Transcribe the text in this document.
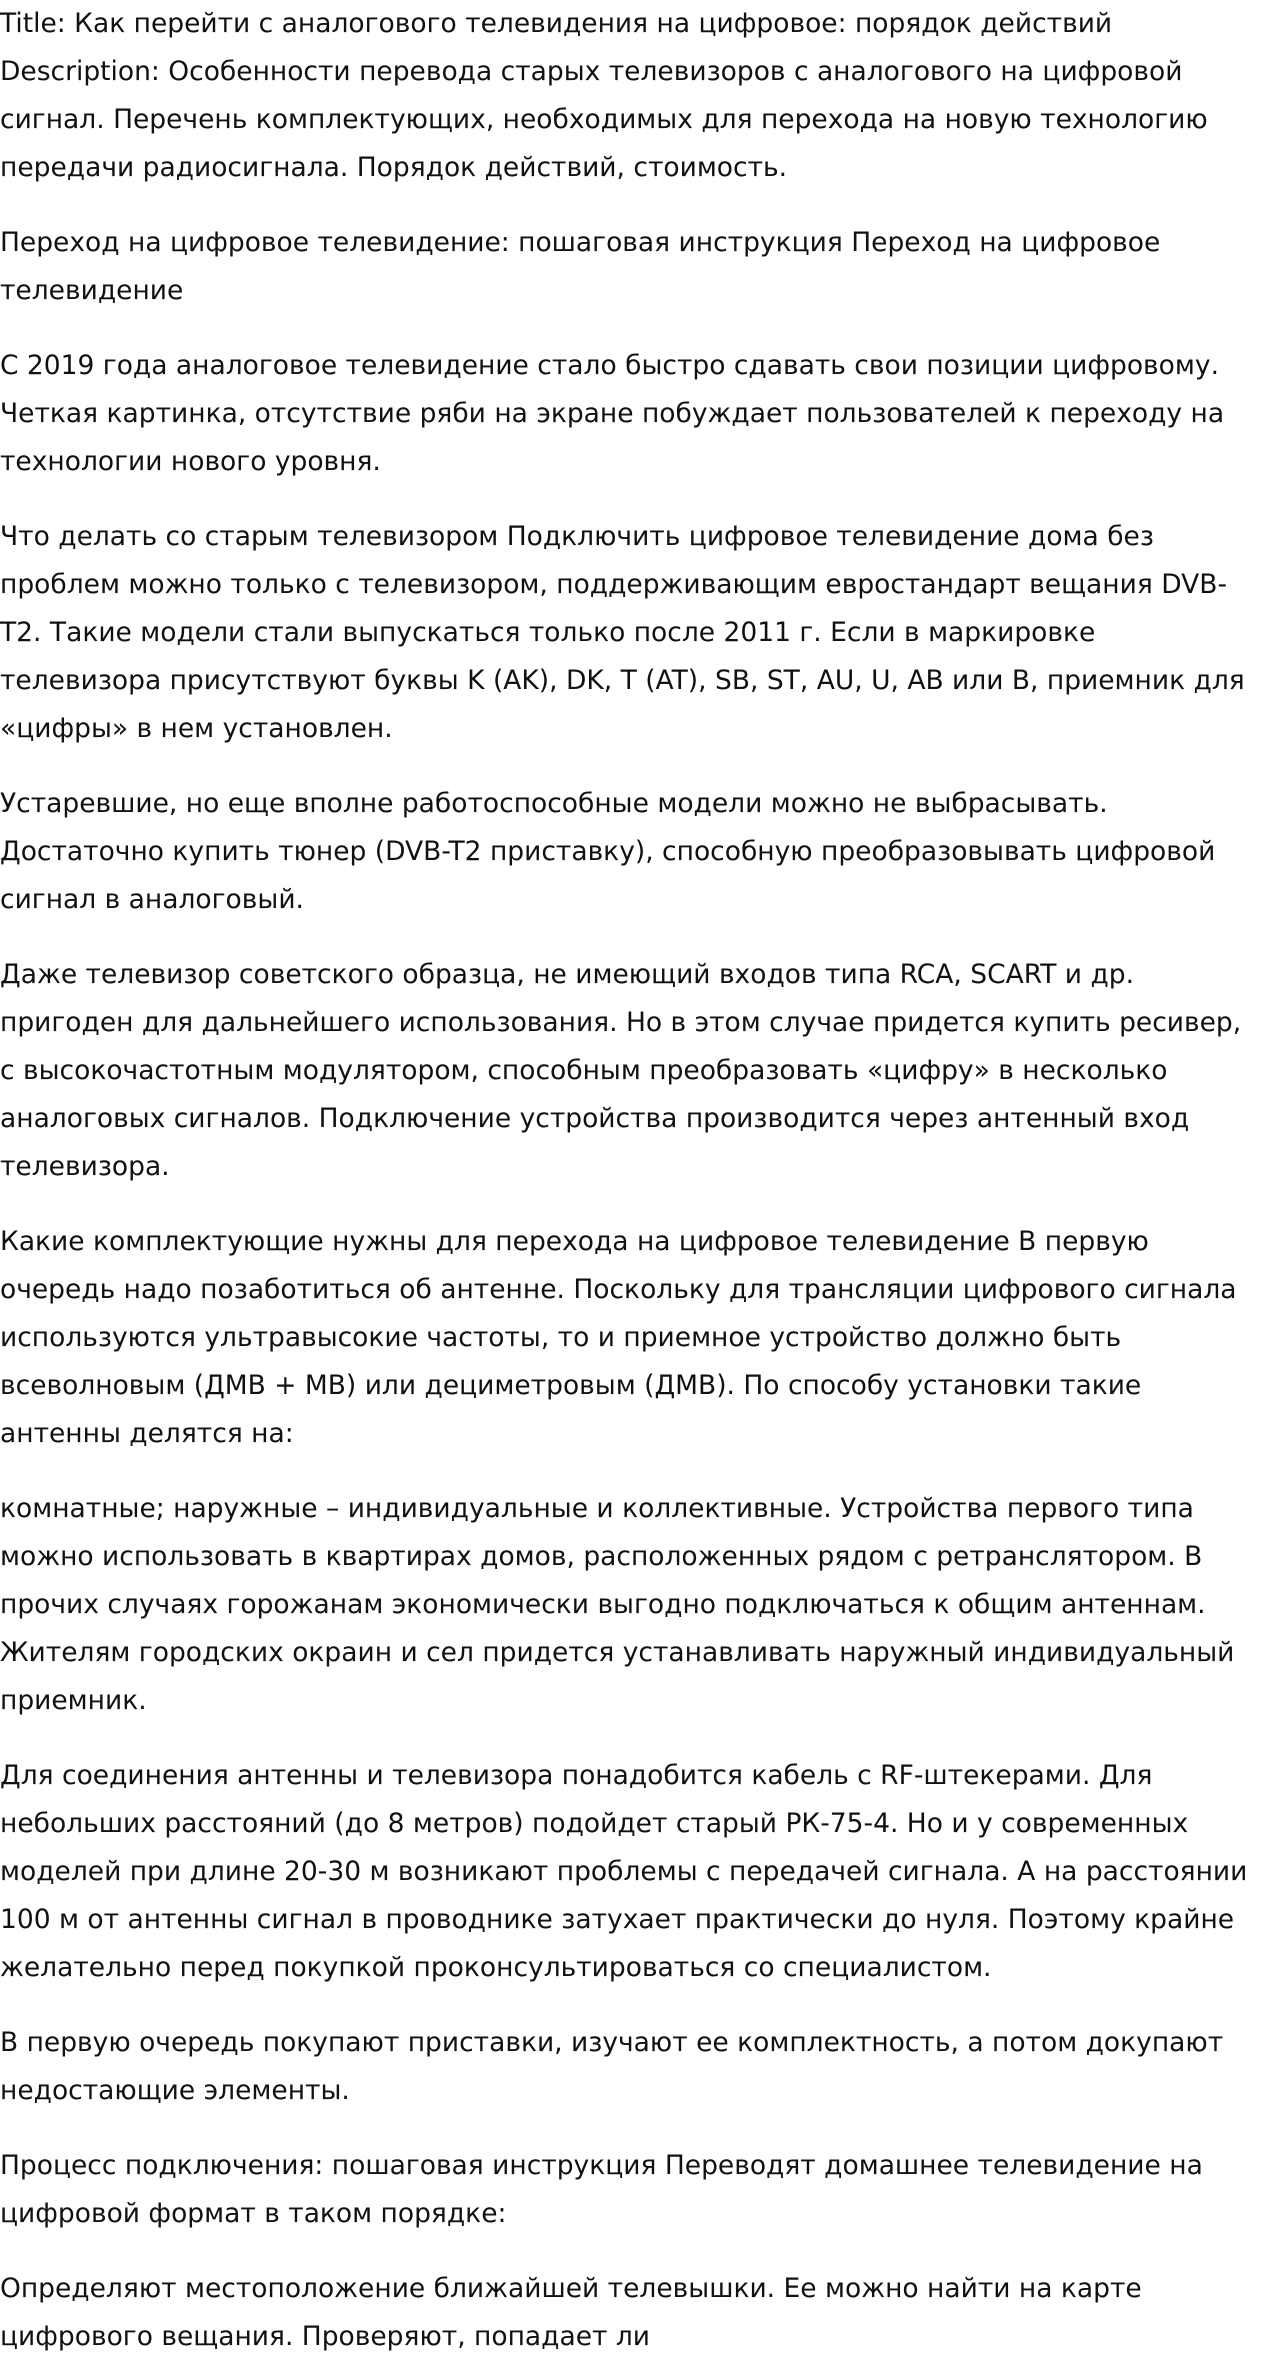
Title: Как перейти с аналогового телевидения на цифровое: порядок действий Description: Особенности перевода старых телевизоров с аналогового на цифровой сигнал. Перечень комплектующих, необходимых для перехода на новую технологию передачи радиосигнала. Порядок действий, стоимость.

Переход на цифровое телевидение: пошаговая инструкция Переход на цифровое телевидение

С 2019 года аналоговое телевидение стало быстро сдавать свои позиции цифровому. Четкая картинка, отсутствие ряби на экране побуждает пользователей к переходу на технологии нового уровня.

Что делать со старым телевизором Подключить цифровое телевидение дома без проблем можно только с телевизором, поддерживающим евростандарт вещания DVB-T2. Такие модели стали выпускаться только после 2011 г. Если в маркировке телевизора присутствуют буквы K (AK), DK, T (AT), SB, ST, AU, U, AB или B, приемник для «цифры» в нем установлен.

Устаревшие, но еще вполне работоспособные модели можно не выбрасывать. Достаточно купить тюнер (DVB-T2 приставку), способную преобразовывать цифровой сигнал в аналоговый.

Даже телевизор советского образца, не имеющий входов типа RCA, SCART и др. пригоден для дальнейшего использования. Но в этом случае придется купить ресивер, с высокочастотным модулятором, способным преобразовать «цифру» в несколько аналоговых сигналов. Подключение устройства производится через антенный вход телевизора.

Какие комплектующие нужны для перехода на цифровое телевидение В первую очередь надо позаботиться об антенне. Поскольку для трансляции цифрового сигнала используются ультравысокие частоты, то и приемное устройство должно быть всеволновым (ДМВ + МВ) или дециметровым (ДМВ). По способу установки такие антенны делятся на:

комнатные; наружные – индивидуальные и коллективные. Устройства первого типа можно использовать в квартирах домов, расположенных рядом с ретранслятором. В прочих случаях горожанам экономически выгодно подключаться к общим антеннам. Жителям городских окраин и сел придется устанавливать наружный индивидуальный приемник.

Для соединения антенны и телевизора понадобится кабель с RF-штекерами. Для небольших расстояний (до 8 метров) подойдет старый РК-75-4. Но и у современных моделей при длине 20-30 м возникают проблемы с передачей сигнала. А на расстоянии 100 м от антенны сигнал в проводнике затухает практически до нуля. Поэтому крайне желательно перед покупкой проконсультироваться со специалистом.

В первую очередь покупают приставки, изучают ее комплектность, а потом докупают недостающие элементы.

Процесс подключения: пошаговая инструкция Переводят домашнее телевидение на цифровой формат в таком порядке:

Определяют местоположение ближайшей телевышки. Ее можно найти на карте цифрового вещания. Проверяют, попадает ли
